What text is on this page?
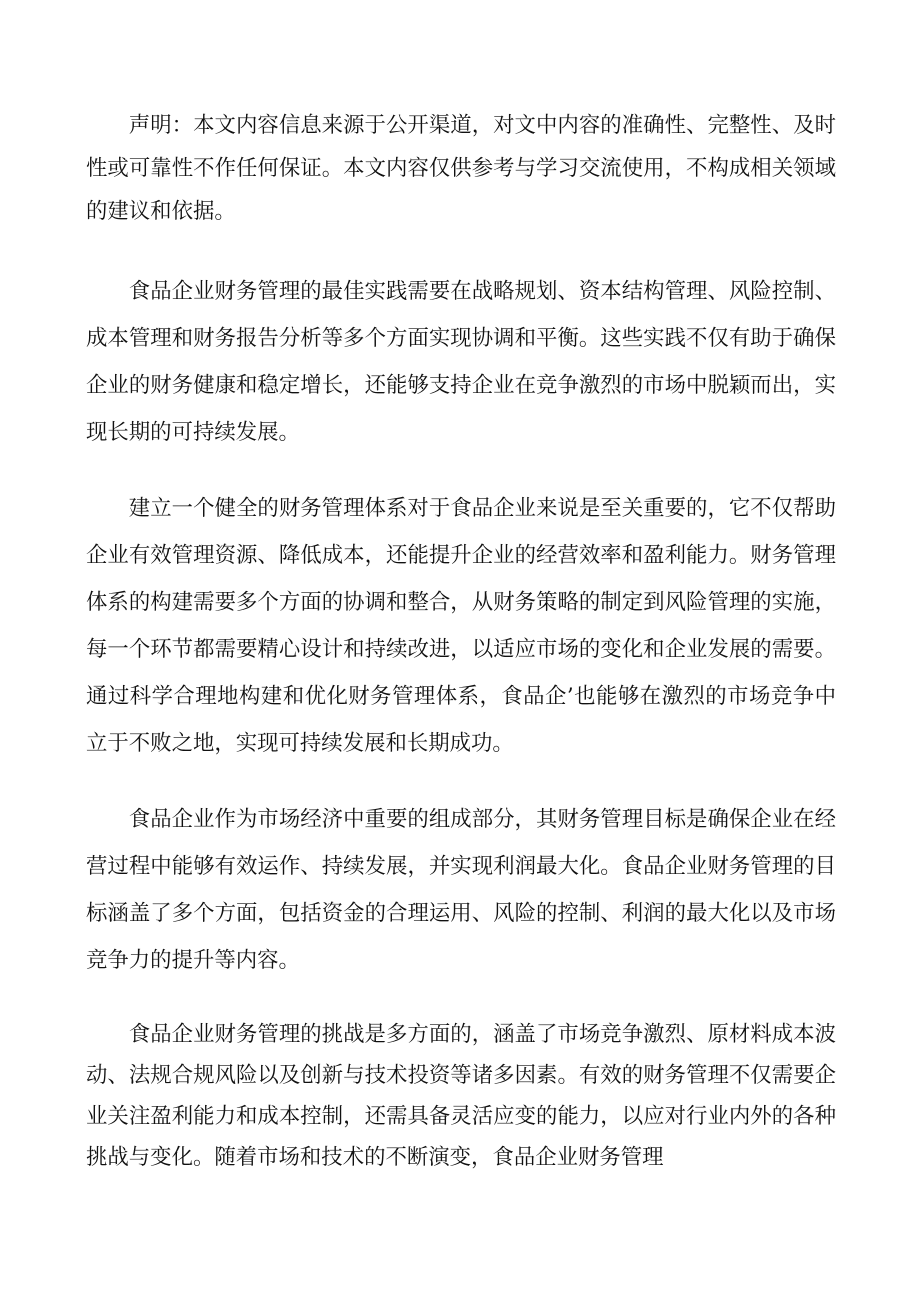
声明：本文内容信息来源于公开渠道，对文中内容的准确性、完整性、及时性或可靠性不作任何保证。本文内容仅供参考与学习交流使用，不构成相关领域的建议和依据。

食品企业财务管理的最佳实践需要在战略规划、资本结构管理、风险控制、成本管理和财务报告分析等多个方面实现协调和平衡。这些实践不仅有助于确保企业的财务健康和稳定增长，还能够支持企业在竞争激烈的市场中脱颖而出，实现长期的可持续发展。

建立一个健全的财务管理体系对于食品企业来说是至关重要的，它不仅帮助企业有效管理资源、降低成本，还能提升企业的经营效率和盈利能力。财务管理体系的构建需要多个方面的协调和整合，从财务策略的制定到风险管理的实施，每一个环节都需要精心设计和持续改进，以适应市场的变化和企业发展的需要。通过科学合理地构建和优化财务管理体系，食品企’也能够在激烈的市场竞争中立于不败之地，实现可持续发展和长期成功。

食品企业作为市场经济中重要的组成部分，其财务管理目标是确保企业在经营过程中能够有效运作、持续发展，并实现利润最大化。食品企业财务管理的目标涵盖了多个方面，包括资金的合理运用、风险的控制、利润的最大化以及市场竞争力的提升等内容。

食品企业财务管理的挑战是多方面的，涵盖了市场竞争激烈、原材料成本波动、法规合规风险以及创新与技术投资等诸多因素。有效的财务管理不仅需要企业关注盈利能力和成本控制，还需具备灵活应变的能力，以应对行业内外的各种挑战与变化。随着市场和技术的不断演变，食品企业财务管理
